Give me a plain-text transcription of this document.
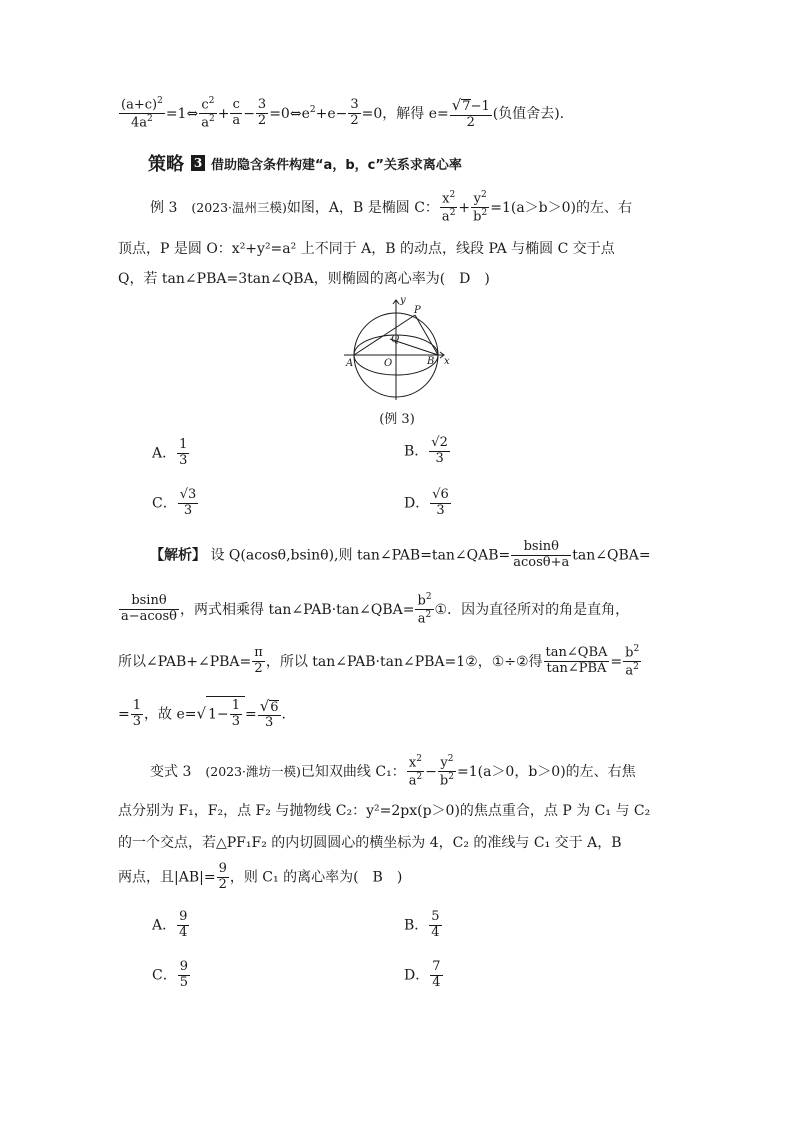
$\frac{(a+c)^2}{4a^2}$ =1⇔ $\frac{c^2}{a^2} + \frac{c}{a} - \frac{3}{2}$ $=0\Leftrightarrow e^2+e- \frac{3}{2} =0$，解得 $e= \frac{√7-1}{2}$ (负值舍去).
策略 3 借助隐含条件构建“a，b，c”关系求离心率
例 3　 (2023·温州三模)如图，A，B 是椭圆 C： $\frac{x^2}{a^2} + \frac{y^2}{b^2} =1(a>b>0)$的左、右
顶点，P 是圆 O：x²+y²=a² 上不同于 A，B 的动点，线段 PA 与椭圆 C 交于点
Q，若 tan∠PBA=3tan∠QBA，则椭圆的离心率为(　D　)
y
x
O
A	B
P
Q
(例 3)
A． $\frac{1}{3}$	B． $\frac{√2}{3}$
C． $\frac{√3}{3}$	D． $\frac{√6}{3}$
【解析】 设 Q(acosθ,bsinθ),则 tan∠PAB=tan∠QAB= $\frac{bsin\theta}{acos\theta+a}$ tan∠QBA=
$\frac{bsin\theta}{a-acos\theta}$ ，两式相乘得 tan∠PAB·tan∠QBA= $\frac{b^2}{a^2}$ ①．因为直径所对的角是直角，
所以∠PAB+∠PBA= $\frac{\pi}{2}$ ，所以 tan∠PAB·tan∠PBA=1②，①÷②得 $\frac{\text{tan∠QBA}}{\text{tan∠PBA}} = \frac{b^2}{a^2}$
= $\frac{1}{3}$ ，故 e=√ $1- \frac{1}{3} = \frac{√6}{3}$ .
变式 3　 (2023·潍坊一模)已知双曲线 C₁： $\frac{x^2}{a^2} - \frac{y^2}{b^2} =1(a>0$，b＞0)的左、右焦
点分别为 F₁，F₂，点 F₂ 与抛物线 C₂：y²=2px(p＞0)的焦点重合，点 P 为 C₁ 与 C₂
的一个交点，若△PF₁F₂ 的内切圆圆心的横坐标为 4，C₂ 的准线与 C₁ 交于 A，B
两点，且$|AB|= \frac{9}{2}$ ，则 C₁ 的离心率为(　B　)
A． $\frac{9}{4}$	B． $\frac{5}{4}$
C． $\frac{9}{5}$	D． $\frac{7}{4}$
